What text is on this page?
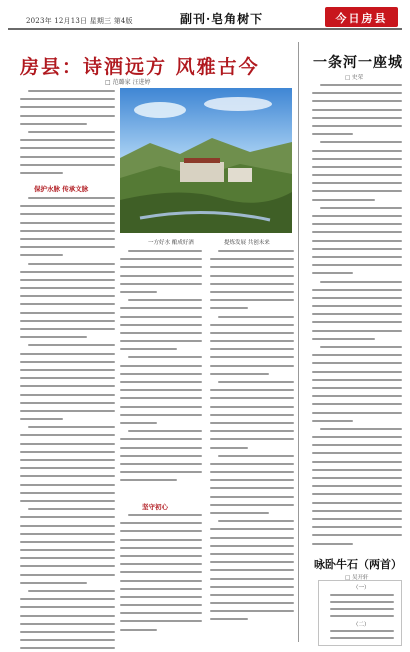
2023年 12月13日 星期三 第4版	副刊·皂角树下	今日房县
房县：诗酒远方 风雅古今
□ 范璐家 汪进婷
保护水脉 传承文脉
一方好水 酿成好酒	提炼发展 共创未来
坚守初心
一条河一座城
□ 史荣
咏卧牛石（两首）
□ 吴开轩
（一）
（二）
